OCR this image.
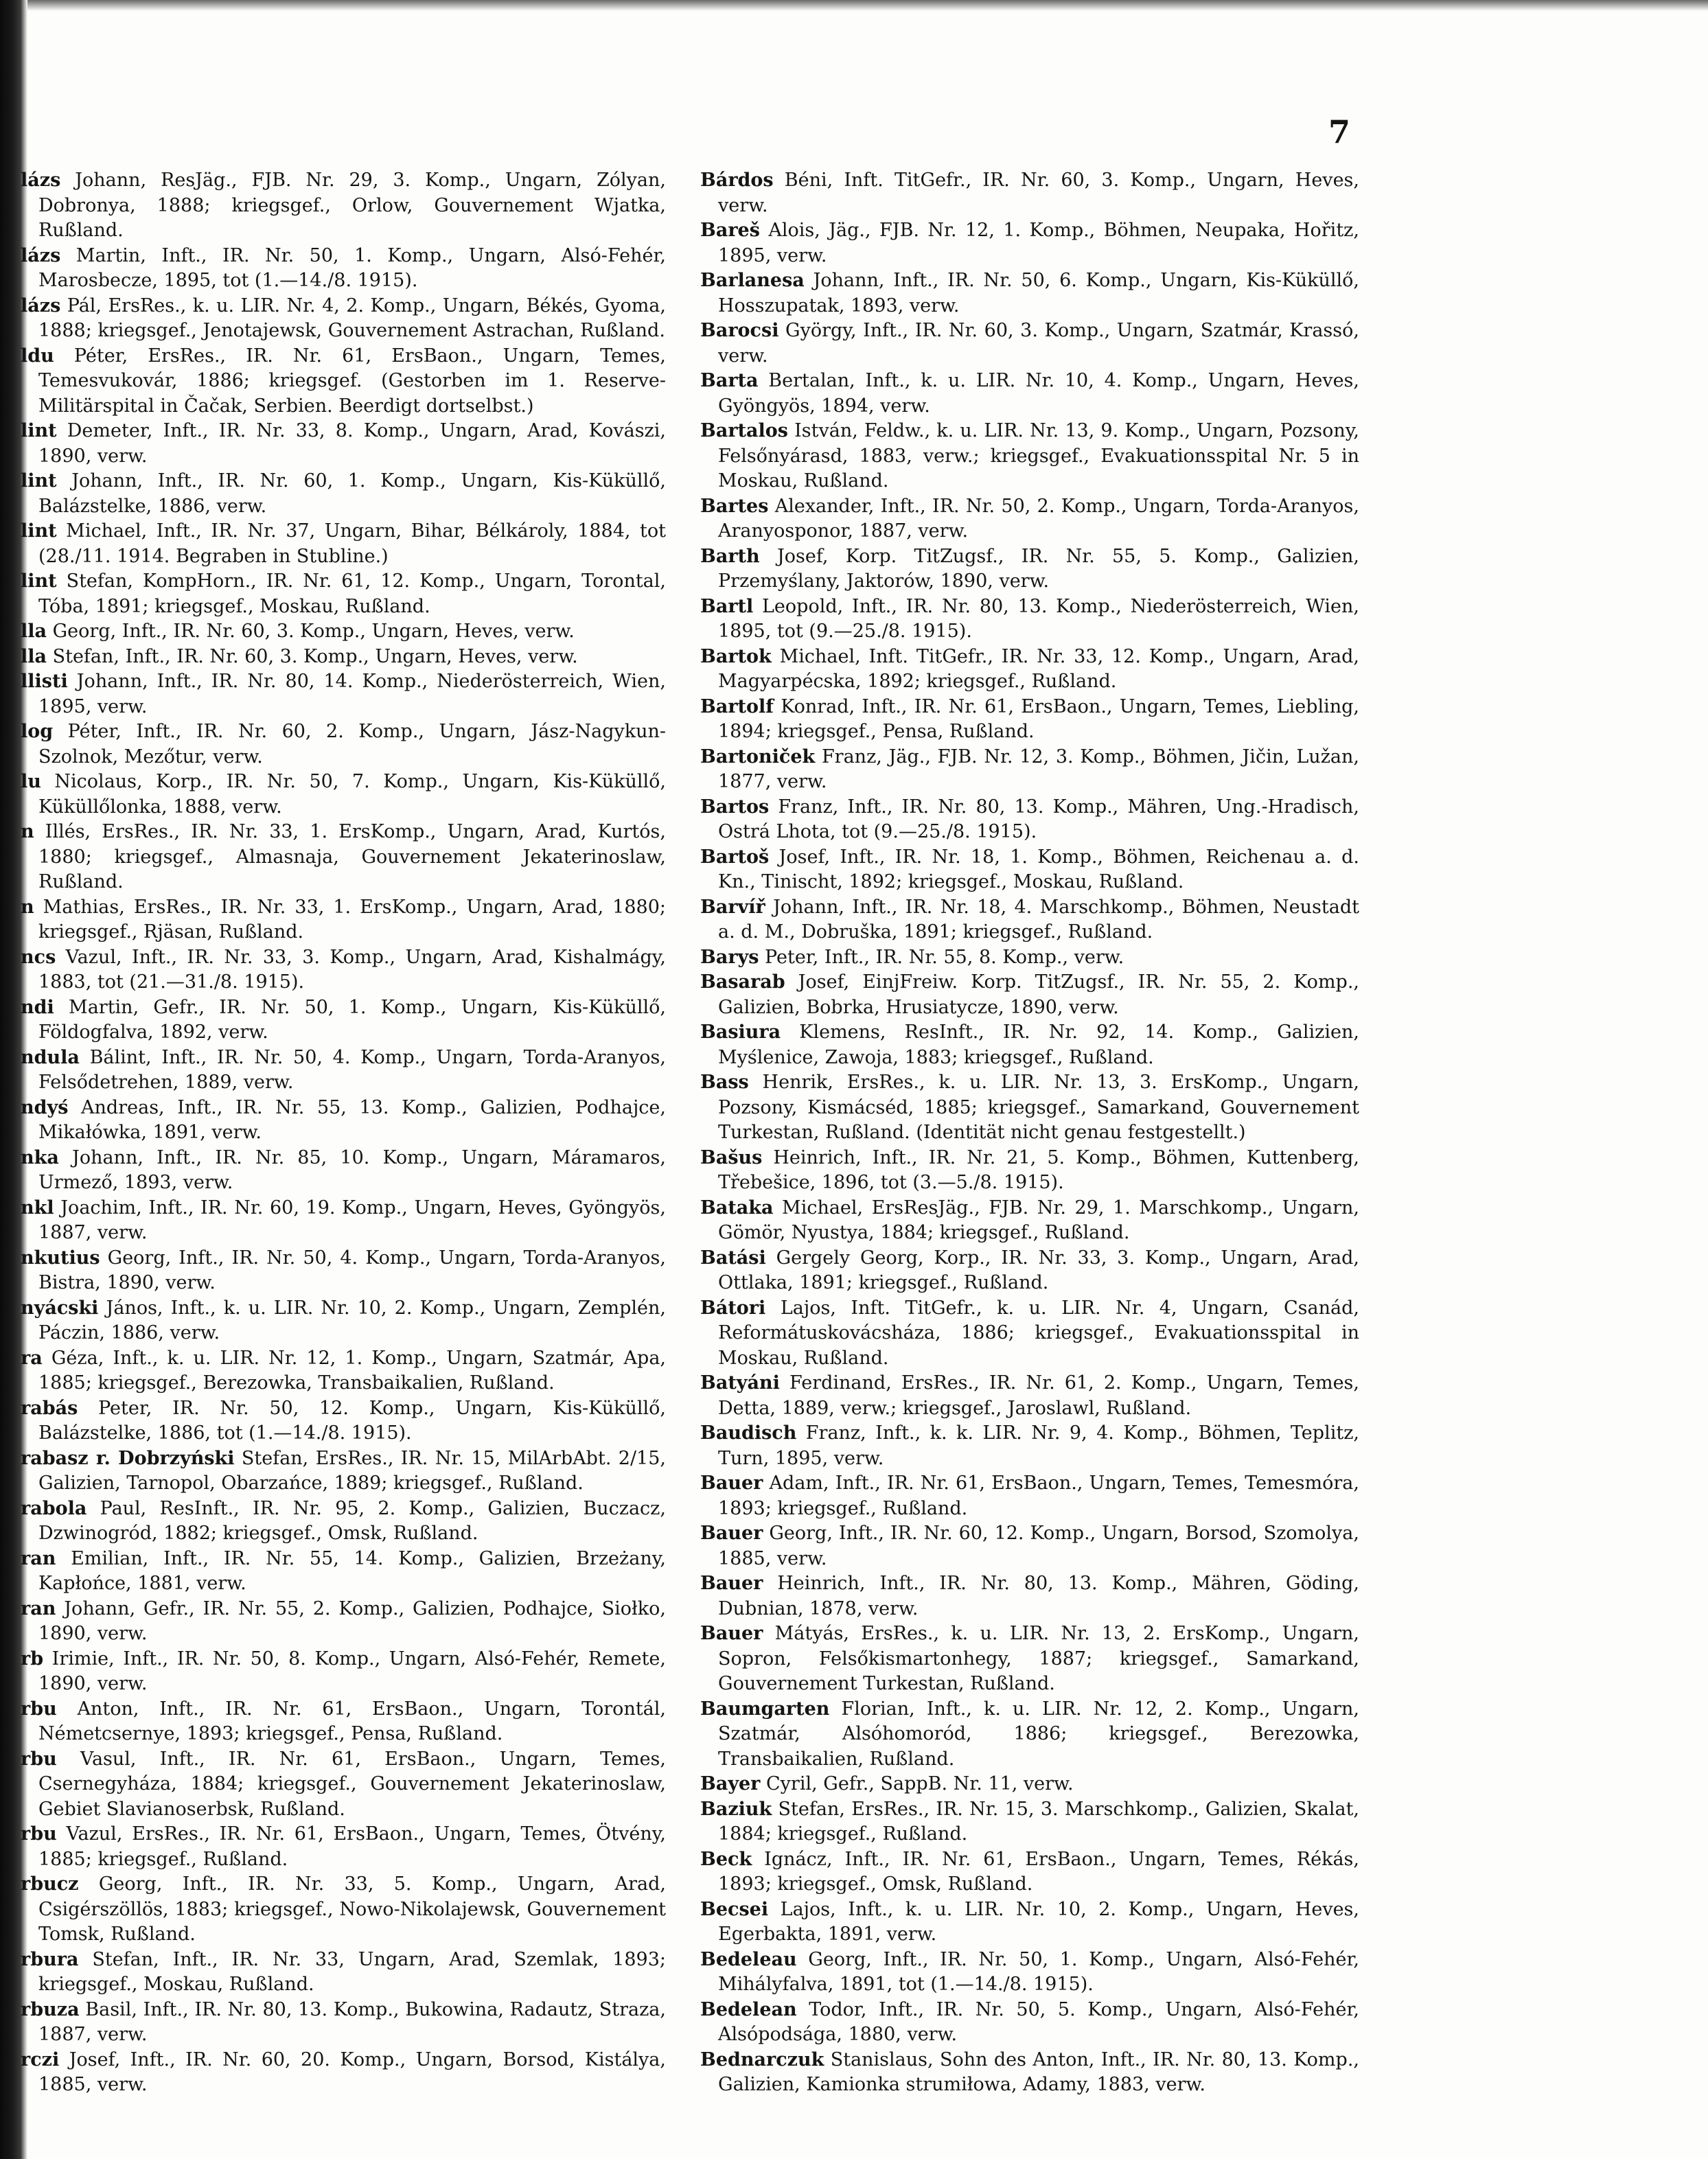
7

lázs Johann, ResJäg., FJB. Nr. 29, 3. Komp., Ungarn, Zólyan, Dobronya, 1888; kriegsgef., Orlow, Gouvernement Wjatka, Rußland.

lázs Martin, Inft., IR. Nr. 50, 1. Komp., Ungarn, Alsó-Fehér, Marosbecze, 1895, tot (1.—14./8. 1915).

lázs Pál, ErsRes., k. u. LIR. Nr. 4, 2. Komp., Ungarn, Békés, Gyoma, 1888; kriegsgef., Jenotajewsk, Gouvernement Astrachan, Rußland.

ldu Péter, ErsRes., IR. Nr. 61, ErsBaon., Ungarn, Temes, Temesvukovár, 1886; kriegsgef. (Gestorben im 1. Reserve-Militärspital in Čačak, Serbien. Beerdigt dortselbst.)

lint Demeter, Inft., IR. Nr. 33, 8. Komp., Ungarn, Arad, Kovászi, 1890, verw.

lint Johann, Inft., IR. Nr. 60, 1. Komp., Ungarn, Kis-Küküllő, Balázstelke, 1886, verw.

lint Michael, Inft., IR. Nr. 37, Ungarn, Bihar, Bélkároly, 1884, tot (28./11. 1914. Begraben in Stubline.)

lint Stefan, KompHorn., IR. Nr. 61, 12. Komp., Ungarn, Torontal, Tóba, 1891; kriegsgef., Moskau, Rußland.

lla Georg, Inft., IR. Nr. 60, 3. Komp., Ungarn, Heves, verw.

lla Stefan, Inft., IR. Nr. 60, 3. Komp., Ungarn, Heves, verw.

llisti Johann, Inft., IR. Nr. 80, 14. Komp., Niederösterreich, Wien, 1895, verw.

log Péter, Inft., IR. Nr. 60, 2. Komp., Ungarn, Jász-Nagykun-Szolnok, Mezőtur, verw.

lu Nicolaus, Korp., IR. Nr. 50, 7. Komp., Ungarn, Kis-Küküllő, Küküllőlonka, 1888, verw.

n Illés, ErsRes., IR. Nr. 33, 1. ErsKomp., Ungarn, Arad, Kurtós, 1880; kriegsgef., Almasnaja, Gouvernement Jekaterinoslaw, Rußland.

n Mathias, ErsRes., IR. Nr. 33, 1. ErsKomp., Ungarn, Arad, 1880; kriegsgef., Rjäsan, Rußland.

ncs Vazul, Inft., IR. Nr. 33, 3. Komp., Ungarn, Arad, Kishalmágy, 1883, tot (21.—31./8. 1915).

ndi Martin, Gefr., IR. Nr. 50, 1. Komp., Ungarn, Kis-Küküllő, Földogfalva, 1892, verw.

ndula Bálint, Inft., IR. Nr. 50, 4. Komp., Ungarn, Torda-Aranyos, Felsődetrehen, 1889, verw.

ndyś Andreas, Inft., IR. Nr. 55, 13. Komp., Galizien, Podhajce, Mikałówka, 1891, verw.

nka Johann, Inft., IR. Nr. 85, 10. Komp., Ungarn, Máramaros, Urmező, 1893, verw.

nkl Joachim, Inft., IR. Nr. 60, 19. Komp., Ungarn, Heves, Gyöngyös, 1887, verw.

nkutius Georg, Inft., IR. Nr. 50, 4. Komp., Ungarn, Torda-Aranyos, Bistra, 1890, verw.

nyácski János, Inft., k. u. LIR. Nr. 10, 2. Komp., Ungarn, Zemplén, Páczin, 1886, verw.

ra Géza, Inft., k. u. LIR. Nr. 12, 1. Komp., Ungarn, Szatmár, Apa, 1885; kriegsgef., Berezowka, Transbaikalien, Rußland.

rabás Peter, IR. Nr. 50, 12. Komp., Ungarn, Kis-Küküllő, Balázstelke, 1886, tot (1.—14./8. 1915).

rabasz r. Dobrzyński Stefan, ErsRes., IR. Nr. 15, MilArbAbt. 2/15, Galizien, Tarnopol, Obarzańce, 1889; kriegsgef., Rußland.

rabola Paul, ResInft., IR. Nr. 95, 2. Komp., Galizien, Buczacz, Dzwinogród, 1882; kriegsgef., Omsk, Rußland.

ran Emilian, Inft., IR. Nr. 55, 14. Komp., Galizien, Brzeżany, Kapłońce, 1881, verw.

ran Johann, Gefr., IR. Nr. 55, 2. Komp., Galizien, Podhajce, Siołko, 1890, verw.

rb Irimie, Inft., IR. Nr. 50, 8. Komp., Ungarn, Alsó-Fehér, Remete, 1890, verw.

rbu Anton, Inft., IR. Nr. 61, ErsBaon., Ungarn, Torontál, Németcsernye, 1893; kriegsgef., Pensa, Rußland.

rbu Vasul, Inft., IR. Nr. 61, ErsBaon., Ungarn, Temes, Csernegyháza, 1884; kriegsgef., Gouvernement Jekaterinoslaw, Gebiet Slavianoserbsk, Rußland.

rbu Vazul, ErsRes., IR. Nr. 61, ErsBaon., Ungarn, Temes, Ötvény, 1885; kriegsgef., Rußland.

rbucz Georg, Inft., IR. Nr. 33, 5. Komp., Ungarn, Arad, Csigérszöllös, 1883; kriegsgef., Nowo-Nikolajewsk, Gouvernement Tomsk, Rußland.

rbura Stefan, Inft., IR. Nr. 33, Ungarn, Arad, Szemlak, 1893; kriegsgef., Moskau, Rußland.

rbuza Basil, Inft., IR. Nr. 80, 13. Komp., Bukowina, Radautz, Straza, 1887, verw.

rczi Josef, Inft., IR. Nr. 60, 20. Komp., Ungarn, Borsod, Kistálya, 1885, verw.

Bárdos Béni, Inft. TitGefr., IR. Nr. 60, 3. Komp., Ungarn, Heves, verw.

Bareš Alois, Jäg., FJB. Nr. 12, 1. Komp., Böhmen, Neupaka, Hořitz, 1895, verw.

Barlanesa Johann, Inft., IR. Nr. 50, 6. Komp., Ungarn, Kis-Küküllő, Hosszupatak, 1893, verw.

Barocsi György, Inft., IR. Nr. 60, 3. Komp., Ungarn, Szatmár, Krassó, verw.

Barta Bertalan, Inft., k. u. LIR. Nr. 10, 4. Komp., Ungarn, Heves, Gyöngyös, 1894, verw.

Bartalos István, Feldw., k. u. LIR. Nr. 13, 9. Komp., Ungarn, Pozsony, Felsőnyárasd, 1883, verw.; kriegsgef., Evakuationsspital Nr. 5 in Moskau, Rußland.

Bartes Alexander, Inft., IR. Nr. 50, 2. Komp., Ungarn, Torda-Aranyos, Aranyosponor, 1887, verw.

Barth Josef, Korp. TitZugsf., IR. Nr. 55, 5. Komp., Galizien, Przemyślany, Jaktorów, 1890, verw.

Bartl Leopold, Inft., IR. Nr. 80, 13. Komp., Niederösterreich, Wien, 1895, tot (9.—25./8. 1915).

Bartok Michael, Inft. TitGefr., IR. Nr. 33, 12. Komp., Ungarn, Arad, Magyarpécska, 1892; kriegsgef., Rußland.

Bartolf Konrad, Inft., IR. Nr. 61, ErsBaon., Ungarn, Temes, Liebling, 1894; kriegsgef., Pensa, Rußland.

Bartoniček Franz, Jäg., FJB. Nr. 12, 3. Komp., Böhmen, Jičin, Lužan, 1877, verw.

Bartos Franz, Inft., IR. Nr. 80, 13. Komp., Mähren, Ung.-Hradisch, Ostrá Lhota, tot (9.—25./8. 1915).

Bartoš Josef, Inft., IR. Nr. 18, 1. Komp., Böhmen, Reichenau a. d. Kn., Tinischt, 1892; kriegsgef., Moskau, Rußland.

Barvíř Johann, Inft., IR. Nr. 18, 4. Marschkomp., Böhmen, Neustadt a. d. M., Dobruška, 1891; kriegsgef., Rußland.

Barys Peter, Inft., IR. Nr. 55, 8. Komp., verw.

Basarab Josef, EinjFreiw. Korp. TitZugsf., IR. Nr. 55, 2. Komp., Galizien, Bobrka, Hrusiatycze, 1890, verw.

Basiura Klemens, ResInft., IR. Nr. 92, 14. Komp., Galizien, Myślenice, Zawoja, 1883; kriegsgef., Rußland.

Bass Henrik, ErsRes., k. u. LIR. Nr. 13, 3. ErsKomp., Ungarn, Pozsony, Kismácséd, 1885; kriegsgef., Samarkand, Gouvernement Turkestan, Rußland. (Identität nicht genau festgestellt.)

Bašus Heinrich, Inft., IR. Nr. 21, 5. Komp., Böhmen, Kuttenberg, Třebešice, 1896, tot (3.—5./8. 1915).

Bataka Michael, ErsResJäg., FJB. Nr. 29, 1. Marschkomp., Ungarn, Gömör, Nyustya, 1884; kriegsgef., Rußland.

Batási Gergely Georg, Korp., IR. Nr. 33, 3. Komp., Ungarn, Arad, Ottlaka, 1891; kriegsgef., Rußland.

Bátori Lajos, Inft. TitGefr., k. u. LIR. Nr. 4, Ungarn, Csanád, Reformátuskovácsháza, 1886; kriegsgef., Evakuationsspital in Moskau, Rußland.

Batyáni Ferdinand, ErsRes., IR. Nr. 61, 2. Komp., Ungarn, Temes, Detta, 1889, verw.; kriegsgef., Jaroslawl, Rußland.

Baudisch Franz, Inft., k. k. LIR. Nr. 9, 4. Komp., Böhmen, Teplitz, Turn, 1895, verw.

Bauer Adam, Inft., IR. Nr. 61, ErsBaon., Ungarn, Temes, Temesmóra, 1893; kriegsgef., Rußland.

Bauer Georg, Inft., IR. Nr. 60, 12. Komp., Ungarn, Borsod, Szomolya, 1885, verw.

Bauer Heinrich, Inft., IR. Nr. 80, 13. Komp., Mähren, Göding, Dubnian, 1878, verw.

Bauer Mátyás, ErsRes., k. u. LIR. Nr. 13, 2. ErsKomp., Ungarn, Sopron, Felsőkismartonhegy, 1887; kriegsgef., Samarkand, Gouvernement Turkestan, Rußland.

Baumgarten Florian, Inft., k. u. LIR. Nr. 12, 2. Komp., Ungarn, Szatmár, Alsóhomoród, 1886; kriegsgef., Berezowka, Transbaikalien, Rußland.

Bayer Cyril, Gefr., SappB. Nr. 11, verw.

Baziuk Stefan, ErsRes., IR. Nr. 15, 3. Marschkomp., Galizien, Skalat, 1884; kriegsgef., Rußland.

Beck Ignácz, Inft., IR. Nr. 61, ErsBaon., Ungarn, Temes, Rékás, 1893; kriegsgef., Omsk, Rußland.

Becsei Lajos, Inft., k. u. LIR. Nr. 10, 2. Komp., Ungarn, Heves, Egerbakta, 1891, verw.

Bedeleau Georg, Inft., IR. Nr. 50, 1. Komp., Ungarn, Alsó-Fehér, Mihályfalva, 1891, tot (1.—14./8. 1915).

Bedelean Todor, Inft., IR. Nr. 50, 5. Komp., Ungarn, Alsó-Fehér, Alsópodsága, 1880, verw.

Bednarczuk Stanislaus, Sohn des Anton, Inft., IR. Nr. 80, 13. Komp., Galizien, Kamionka strumiłowa, Adamy, 1883, verw.
